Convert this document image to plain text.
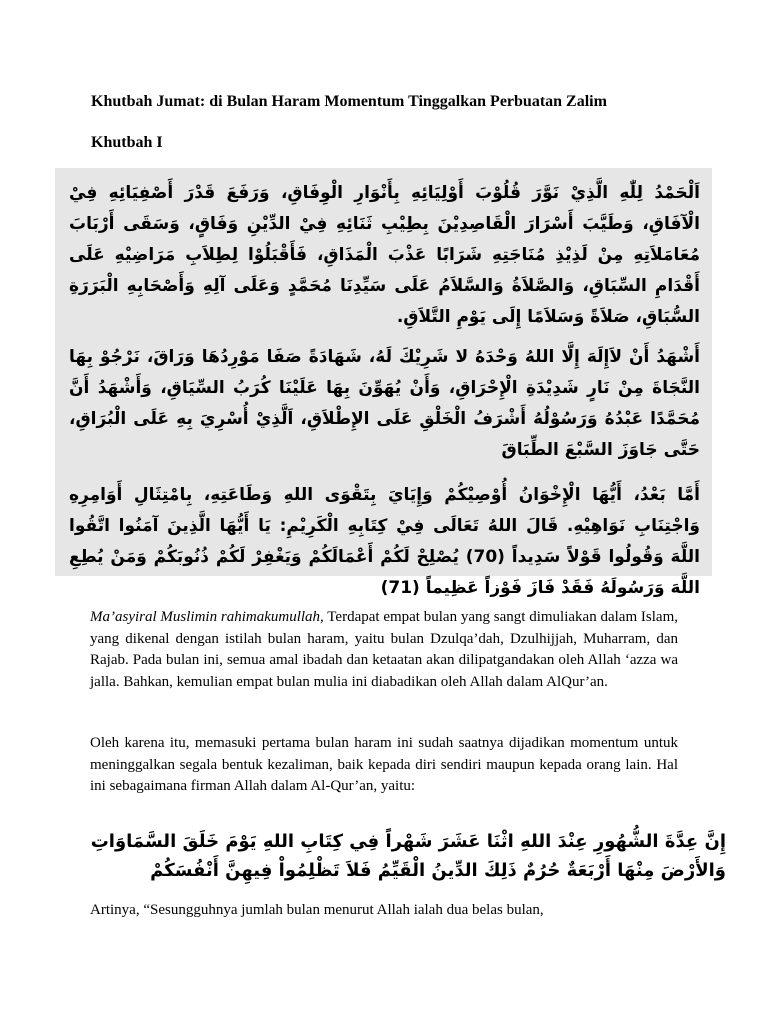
Khutbah Jumat: di Bulan Haram Momentum Tinggalkan Perbuatan Zalim
Khutbah I
اَلْحَمْدُ لِلّٰهِ الَّذِيْ نَوَّرَ قُلُوْبَ أَوْلِيَائِهِ بِأَنْوَارِ الْوِفَاقِ، وَرَفَعَ قَدْرَ أَصْفِيَائِهِ فِيْ الْآفَاقِ، وَطَيَّبَ أَسْرَارَ الْقَاصِدِيْنَ بِطِيْبِ ثَنَائِهِ فِيْ الدِّيْنِ وَفَاقٍ، وَسَقَى أَرْبَابَ مُعَامَلاَتِهِ مِنْ لَذِيْذِ مُنَاجَتِهِ شَرَابًا عَذْبَ الْمَذَاقِ، فَأَقْبَلُوْا لِطِلاَبِ مَرَاضِيْهِ عَلَى أَقْدَامِ السِّبَاقِ، وَالصَّلاَةُ وَالسَّلاَمُ عَلَى سَيِّدِنَا مُحَمَّدٍ وَعَلَى آلِهِ وَأَصْحَابِهِ الْبَرَرَةِ السُّبَاقِ، صَلاَةً وَسَلاَمًا إِلَى يَوْمِ التَّلاَقِ.
أَشْهَدُ أَنْ لاَإِلَهَ إِلَّا اللهُ وَحْدَهُ لا شَرِيْكَ لَهُ، شَهَادَةً صَفَا مَوْرِدُهَا وَرَاقَ، نَرْجُوْ بِهَا النَّجَاةَ مِنْ نَارٍ شَدِيْدَةِ الْإِحْرَاقِ، وَأَنْ يُهَوِّنَ بِهَا عَلَيْنَا كُرَبُ السِّيَاقِ، وَأَشْهَدُ أَنَّ مُحَمَّدًا عَبْدُهُ وَرَسُوْلُهُ أَشْرَفُ الْخَلْقِ عَلَى الإِطْلاَقِ، اَلَّذِيْ أُسْرِيَ بِهِ عَلَى الْبُرَاقِ، حَتَّى جَاوَزَ السَّبْعَ الطِّبَاقَ
أَمَّا بَعْدُ، أَيُّهَا الْإِخْوَانُ أُوْصِيْكُمْ وَإِيَايَ بِتَقْوَى اللهِ وَطَاعَتِهِ، بِامْتِثَالِ أَوَامِرِهِ وَاجْتِنَابِ نَوَاهِيْهِ. قَالَ اللهُ تَعَالَى فِيْ كِتَابِهِ الْكَرِيْمِ: يَا أَيُّهَا الَّذِينَ آمَنُوا اتَّقُوا اللَّهَ وَقُولُوا قَوْلاً سَدِيداً (70) يُصْلِحْ لَكُمْ أَعْمَالَكُمْ وَيَغْفِرْ لَكُمْ ذُنُوبَكُمْ وَمَنْ يُطِعِ اللَّهَ وَرَسُولَهُ فَقَدْ فَازَ فَوْزاً عَظِيماً (71)
Ma’asyiral Muslimin rahimakumullah, Terdapat empat bulan yang sangt dimuliakan dalam Islam, yang dikenal dengan istilah bulan haram, yaitu bulan Dzulqa’dah, Dzulhijjah, Muharram, dan Rajab. Pada bulan ini, semua amal ibadah dan ketaatan akan dilipatgandakan oleh Allah ‘azza wa jalla. Bahkan, kemulian empat bulan mulia ini diabadikan oleh Allah dalam AlQur’an.
Oleh karena itu, memasuki pertama bulan haram ini sudah saatnya dijadikan momentum untuk meninggalkan segala bentuk kezaliman, baik kepada diri sendiri maupun kepada orang lain. Hal ini sebagaimana firman Allah dalam Al-Qur’an, yaitu:
إِنَّ عِدَّةَ الشُّهُورِ عِنْدَ اللهِ اثْنَا عَشَرَ شَهْراً فِي كِتَابِ اللهِ يَوْمَ خَلَقَ السَّمَاوَاتِ وَالأَرْضَ مِنْهَا أَرْبَعَةٌ حُرُمٌ ذَلِكَ الدِّينُ الْقَيِّمُ فَلاَ تَظْلِمُواْ فِيهِنَّ أَنْفُسَكُمْ
Artinya, “Sesungguhnya jumlah bulan menurut Allah ialah dua belas bulan,
